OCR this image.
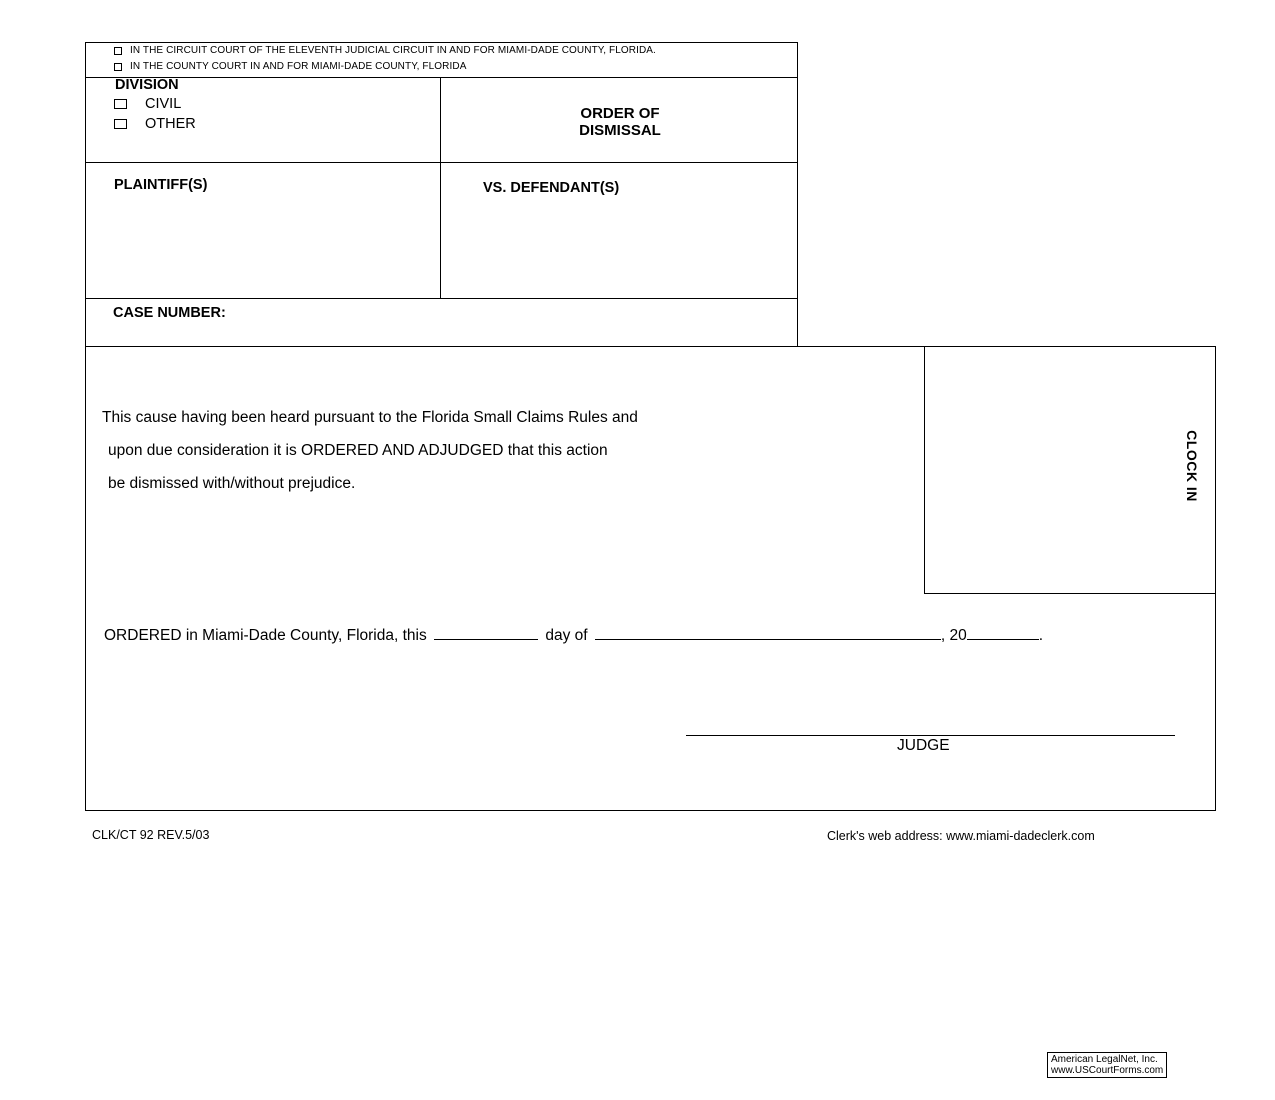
IN THE CIRCUIT COURT OF THE ELEVENTH JUDICIAL CIRCUIT IN AND FOR MIAMI-DADE COUNTY, FLORIDA.
IN THE COUNTY COURT IN AND FOR MIAMI-DADE COUNTY, FLORIDA
DIVISION
CIVIL
OTHER
ORDER OF
DISMISSAL
PLAINTIFF(S)	VS. DEFENDANT(S)
CASE NUMBER:
CLOCK IN
This cause having been heard pursuant to the Florida Small Claims Rules and
upon due consideration it is ORDERED AND ADJUDGED that this action
be dismissed with/without prejudice.
ORDERED in Miami-Dade County, Florida, this	day of	, 20	.
JUDGE
CLK/CT 92 REV.5/03	Clerk's web address: www.miami-dadeclerk.com
American LegalNet, Inc.
www.USCourtForms.com
